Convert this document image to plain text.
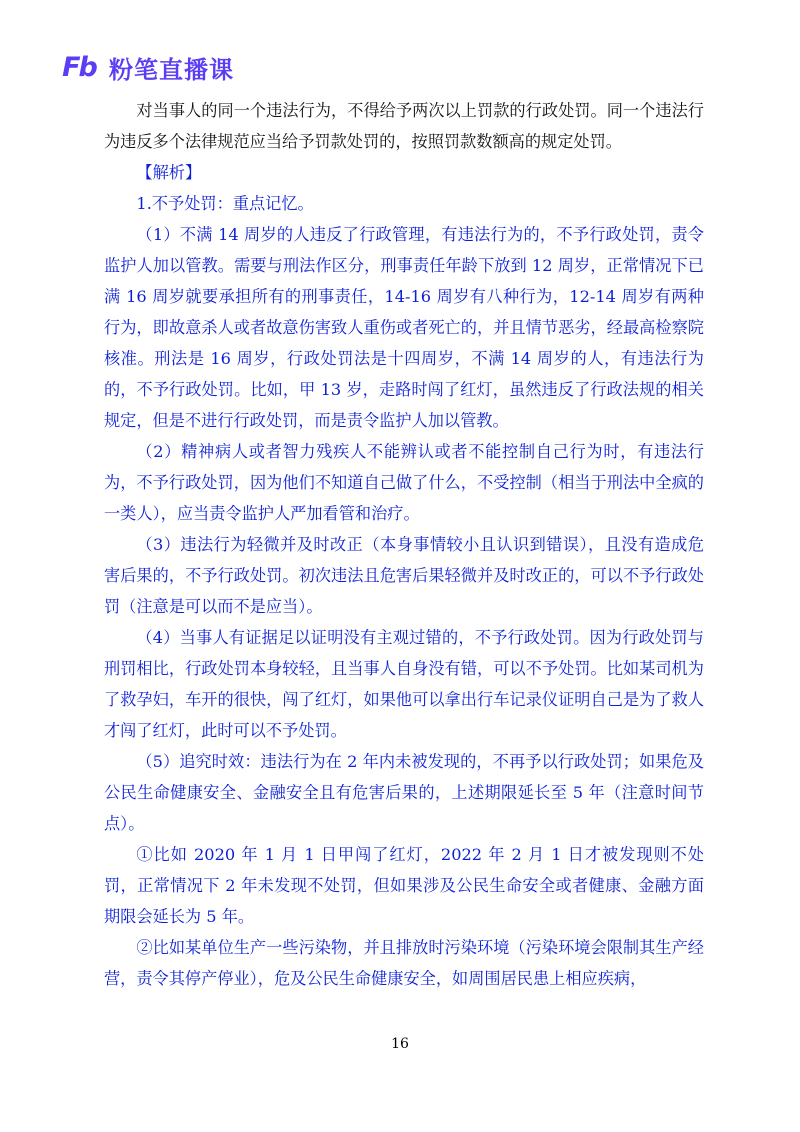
Fb 粉笔直播课

对当事人的同一个违法行为，不得给予两次以上罚款的行政处罚。同一个违法行为违反多个法律规范应当给予罚款处罚的，按照罚款数额高的规定处罚。

【解析】

1.不予处罚：重点记忆。

（1）不满 14 周岁的人违反了行政管理，有违法行为的，不予行政处罚，责令监护人加以管教。需要与刑法作区分，刑事责任年龄下放到 12 周岁，正常情况下已满 16 周岁就要承担所有的刑事责任，14-16 周岁有八种行为，12-14 周岁有两种行为，即故意杀人或者故意伤害致人重伤或者死亡的，并且情节恶劣，经最高检察院核准。刑法是 16 周岁，行政处罚法是十四周岁，不满 14 周岁的人，有违法行为的，不予行政处罚。比如，甲 13 岁，走路时闯了红灯，虽然违反了行政法规的相关规定，但是不进行行政处罚，而是责令监护人加以管教。

（2）精神病人或者智力残疾人不能辨认或者不能控制自己行为时，有违法行为，不予行政处罚，因为他们不知道自己做了什么，不受控制（相当于刑法中全疯的一类人），应当责令监护人严加看管和治疗。

（3）违法行为轻微并及时改正（本身事情较小且认识到错误），且没有造成危害后果的，不予行政处罚。初次违法且危害后果轻微并及时改正的，可以不予行政处罚（注意是可以而不是应当）。

（4）当事人有证据足以证明没有主观过错的，不予行政处罚。因为行政处罚与刑罚相比，行政处罚本身较轻，且当事人自身没有错，可以不予处罚。比如某司机为了救孕妇，车开的很快，闯了红灯，如果他可以拿出行车记录仪证明自己是为了救人才闯了红灯，此时可以不予处罚。

（5）追究时效：违法行为在 2 年内未被发现的，不再予以行政处罚；如果危及公民生命健康安全、金融安全且有危害后果的，上述期限延长至 5 年（注意时间节点）。

①比如 2020 年 1 月 1 日甲闯了红灯，2022 年 2 月 1 日才被发现则不处罚，正常情况下 2 年未发现不处罚，但如果涉及公民生命安全或者健康、金融方面期限会延长为 5 年。

②比如某单位生产一些污染物，并且排放时污染环境（污染环境会限制其生产经营，责令其停产停业），危及公民生命健康安全，如周围居民患上相应疾病，

16
